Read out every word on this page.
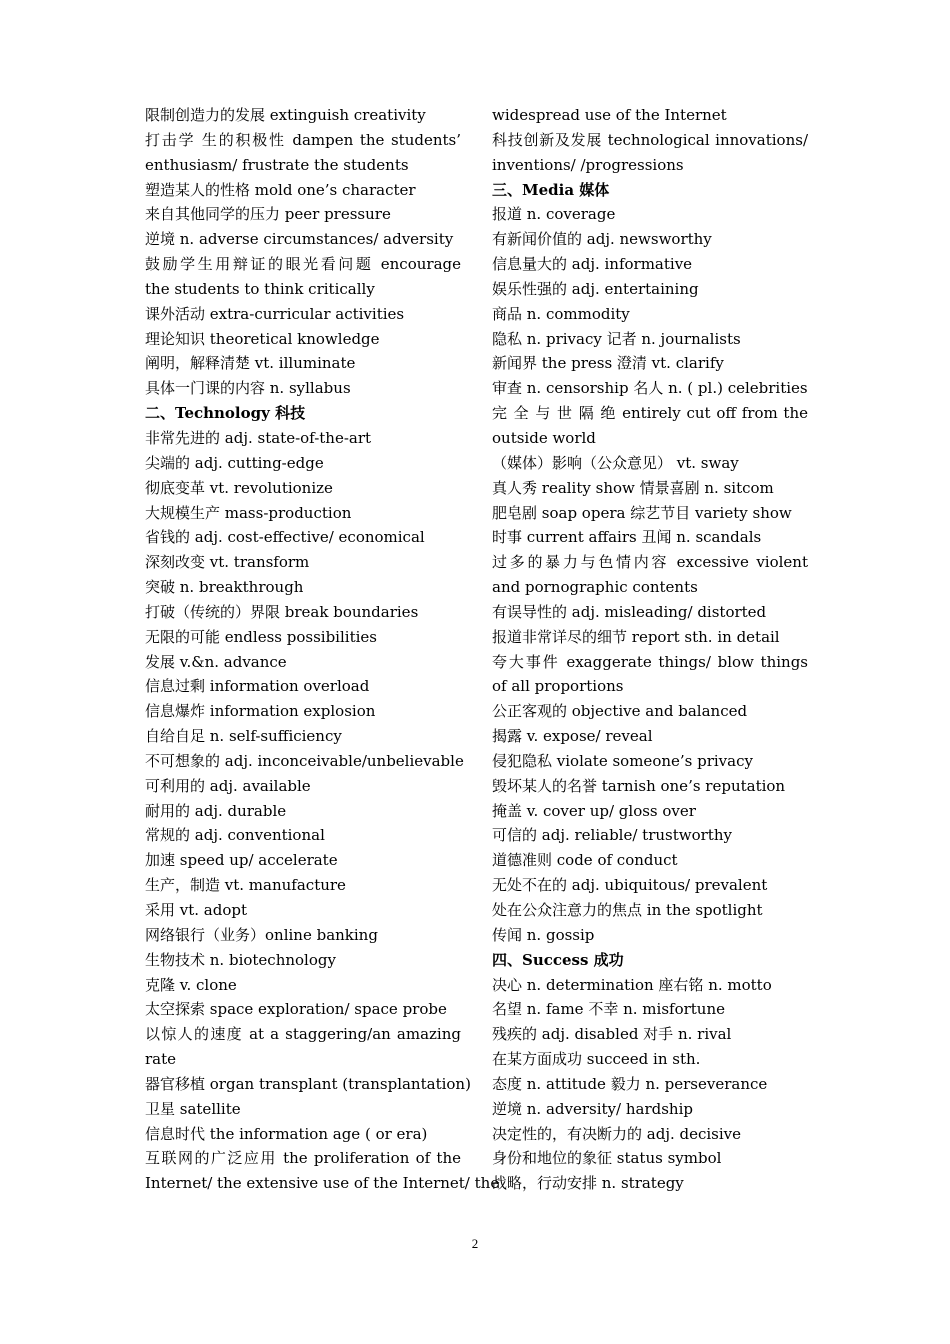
限制创造力的发展 extinguish creativity
打击学 生的积极性 dampen the students’
enthusiasm/ frustrate the students
塑造某人的性格 mold one’s character
来自其他同学的压力 peer pressure
逆境 n. adverse circumstances/ adversity
鼓励学生用辩证的眼光看问题 encourage
the students to think critically
课外活动 extra-curricular activities
理论知识 theoretical knowledge
阐明，解释清楚 vt. illuminate
具体一门课的内容 n. syllabus
二、Technology 科技
非常先进的 adj. state-of-the-art
尖端的 adj. cutting-edge
彻底变革 vt. revolutionize
大规模生产 mass-production
省钱的 adj. cost-effective/ economical
深刻改变 vt. transform
突破 n. breakthrough
打破（传统的）界限 break boundaries
无限的可能 endless possibilities
发展 v.&n. advance
信息过剩 information overload
信息爆炸 information explosion
自给自足 n. self-sufficiency
不可想象的 adj. inconceivable/unbelievable
可利用的 adj. available
耐用的 adj. durable
常规的 adj. conventional
加速 speed up/ accelerate
生产，制造 vt. manufacture
采用 vt. adopt
网络银行（业务）online banking
生物技术 n. biotechnology
克隆 v. clone
太空探索 space exploration/ space probe
以惊人的速度 at a staggering/an amazing
rate
器官移植 organ transplant (transplantation)
卫星 satellite
信息时代 the information age ( or era)
互联网的广泛应用 the proliferation of the
Internet/ the extensive use of the Internet/ the
widespread use of the Internet
科技创新及发展 technological innovations/
inventions/ /progressions
三、Media 媒体
报道 n. coverage
有新闻价值的 adj. newsworthy
信息量大的 adj. informative
娱乐性强的 adj. entertaining
商品 n. commodity
隐私 n. privacy 记者 n. journalists
新闻界 the press 澄清 vt. clarify
审查 n. censorship 名人 n. ( pl.) celebrities
完 全 与 世 隔 绝 entirely cut off from the
outside world
（媒体）影响（公众意见） vt. sway
真人秀 reality show 情景喜剧 n. sitcom
肥皂剧 soap opera 综艺节目 variety show
时事 current affairs 丑闻 n. scandals
过多的暴力与色情内容 excessive violent
and pornographic contents
有误导性的 adj. misleading/ distorted
报道非常详尽的细节 report sth. in detail
夸大事件 exaggerate things/ blow things
of all proportions
公正客观的 objective and balanced
揭露 v. expose/ reveal
侵犯隐私 violate someone’s privacy
毁坏某人的名誉 tarnish one’s reputation
掩盖 v. cover up/ gloss over
可信的 adj. reliable/ trustworthy
道德准则 code of conduct
无处不在的 adj. ubiquitous/ prevalent
处在公众注意力的焦点 in the spotlight
传闻 n. gossip
四、Success 成功
决心 n. determination 座右铭 n. motto
名望 n. fame 不幸 n. misfortune
残疾的 adj. disabled 对手 n. rival
在某方面成功 succeed in sth.
态度 n. attitude 毅力 n. perseverance
逆境 n. adversity/ hardship
决定性的，有决断力的 adj. decisive
身份和地位的象征 status symbol
战略，行动安排 n. strategy
2
